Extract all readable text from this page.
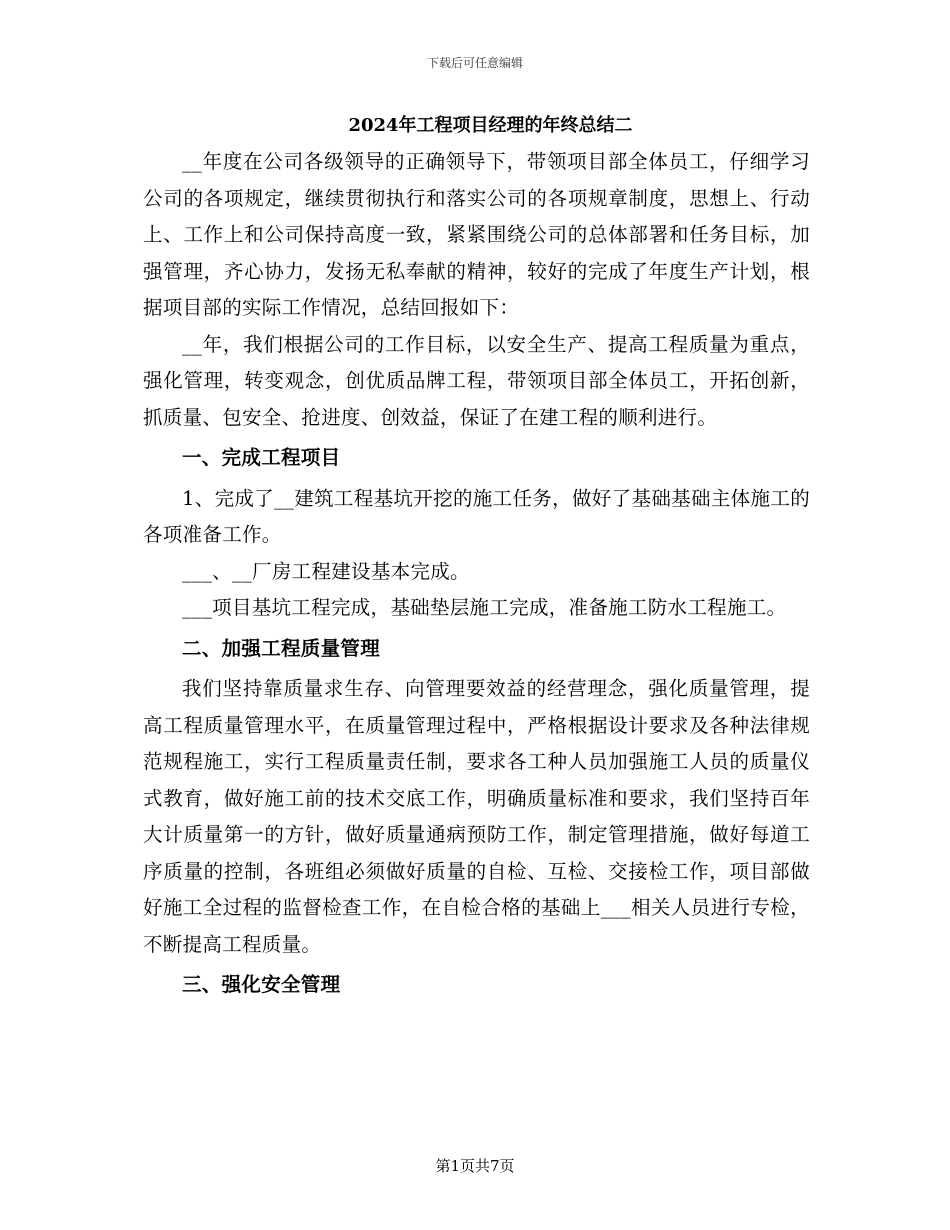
下载后可任意编辑
2024年工程项目经理的年终总结二

__年度在公司各级领导的正确领导下，带领项目部全体员工，仔细学习公司的各项规定，继续贯彻执行和落实公司的各项规章制度，思想上、行动上、工作上和公司保持高度一致，紧紧围绕公司的总体部署和任务目标，加强管理，齐心协力，发扬无私奉献的精神，较好的完成了年度生产计划，根据项目部的实际工作情况，总结回报如下：

__年，我们根据公司的工作目标，以安全生产、提高工程质量为重点，强化管理，转变观念，创优质品牌工程，带领项目部全体员工，开拓创新，抓质量、包安全、抢进度、创效益，保证了在建工程的顺利进行。

一、完成工程项目

1、完成了__建筑工程基坑开挖的施工任务，做好了基础基础主体施工的各项准备工作。

___、__厂房工程建设基本完成。

___项目基坑工程完成，基础垫层施工完成，准备施工防水工程施工。

二、加强工程质量管理

我们坚持靠质量求生存、向管理要效益的经营理念，强化质量管理，提高工程质量管理水平，在质量管理过程中，严格根据设计要求及各种法律规范规程施工，实行工程质量责任制，要求各工种人员加强施工人员的质量仪式教育，做好施工前的技术交底工作，明确质量标准和要求，我们坚持百年大计质量第一的方针，做好质量通病预防工作，制定管理措施，做好每道工序质量的控制，各班组必须做好质量的自检、互检、交接检工作，项目部做好施工全过程的监督检查工作，在自检合格的基础上___相关人员进行专检，不断提高工程质量。

三、强化安全管理
第1页共7页
